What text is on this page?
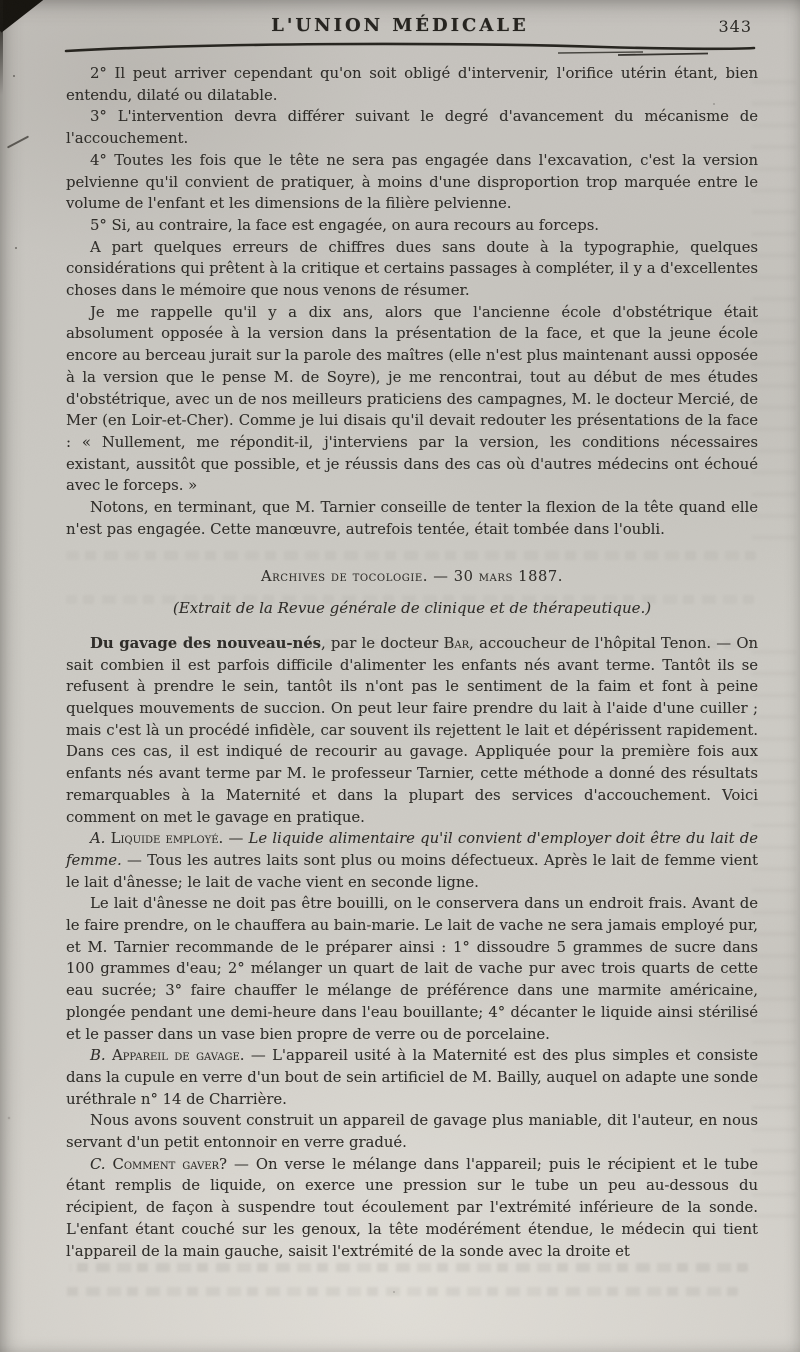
L'UNION MÉDICALE	343

2° Il peut arriver cependant qu'on soit obligé d'intervenir, l'orifice utérin étant, bien entendu, dilaté ou dilatable.

3° L'intervention devra différer suivant le degré d'avancement du mécanisme de l'accouchement.

4° Toutes les fois que le tête ne sera pas engagée dans l'excavation, c'est la version pelvienne qu'il convient de pratiquer, à moins d'une disproportion trop marquée entre le volume de l'enfant et les dimensions de la filière pelvienne.

5° Si, au contraire, la face est engagée, on aura recours au forceps.

A part quelques erreurs de chiffres dues sans doute à la typographie, quelques considérations qui prêtent à la critique et certains passages à compléter, il y a d'excellentes choses dans le mémoire que nous venons de résumer.

Je me rappelle qu'il y a dix ans, alors que l'ancienne école d'obstétrique était absolument opposée à la version dans la présentation de la face, et que la jeune école encore au berceau jurait sur la parole des maîtres (elle n'est plus maintenant aussi opposée à la version que le pense M. de Soyre), je me rencontrai, tout au début de mes études d'obstétrique, avec un de nos meilleurs praticiens des campagnes, M. le docteur Mercié, de Mer (en Loir-et-Cher). Comme je lui disais qu'il devait redouter les présentations de la face : « Nullement, me répondit-il, j'interviens par la version, les conditions nécessaires existant, aussitôt que possible, et je réussis dans des cas où d'autres médecins ont échoué avec le forceps. »

Notons, en terminant, que M. Tarnier conseille de tenter la flexion de la tête quand elle n'est pas engagée. Cette manœuvre, autrefois tentée, était tombée dans l'oubli.

Archives de tocologie. — 30 mars 1887.

(Extrait de la Revue générale de clinique et de thérapeutique.)

Du gavage des nouveau-nés, par le docteur Bar, accoucheur de l'hôpital Tenon. — On sait combien il est parfois difficile d'alimenter les enfants nés avant terme. Tantôt ils se refusent à prendre le sein, tantôt ils n'ont pas le sentiment de la faim et font à peine quelques mouvements de succion. On peut leur faire prendre du lait à l'aide d'une cuiller ; mais c'est là un procédé infidèle, car souvent ils rejettent le lait et dépérissent rapidement. Dans ces cas, il est indiqué de recourir au gavage. Appliquée pour la première fois aux enfants nés avant terme par M. le professeur Tarnier, cette méthode a donné des résultats remarquables à la Maternité et dans la plupart des services d'accouchement. Voici comment on met le gavage en pratique.

A. Liquide employé. — Le liquide alimentaire qu'il convient d'employer doit être du lait de femme. — Tous les autres laits sont plus ou moins défectueux. Après le lait de femme vient le lait d'ânesse; le lait de vache vient en seconde ligne.

Le lait d'ânesse ne doit pas être bouilli, on le conservera dans un endroit frais. Avant de le faire prendre, on le chauffera au bain-marie. Le lait de vache ne sera jamais employé pur, et M. Tarnier recommande de le préparer ainsi : 1° dissoudre 5 grammes de sucre dans 100 grammes d'eau; 2° mélanger un quart de lait de vache pur avec trois quarts de cette eau sucrée; 3° faire chauffer le mélange de préférence dans une marmite américaine, plongée pendant une demi-heure dans l'eau bouillante; 4° décanter le liquide ainsi stérilisé et le passer dans un vase bien propre de verre ou de porcelaine.

B. Appareil de gavage. — L'appareil usité à la Maternité est des plus simples et consiste dans la cupule en verre d'un bout de sein artificiel de M. Bailly, auquel on adapte une sonde uréthrale n° 14 de Charrière.

Nous avons souvent construit un appareil de gavage plus maniable, dit l'auteur, en nous servant d'un petit entonnoir en verre gradué.

C. Comment gaver? — On verse le mélange dans l'appareil; puis le récipient et le tube étant remplis de liquide, on exerce une pression sur le tube un peu au-dessous du récipient, de façon à suspendre tout écoulement par l'extrémité inférieure de la sonde. L'enfant étant couché sur les genoux, la tête modérément étendue, le médecin qui tient l'appareil de la main gauche, saisit l'extrémité de la sonde avec la droite et
